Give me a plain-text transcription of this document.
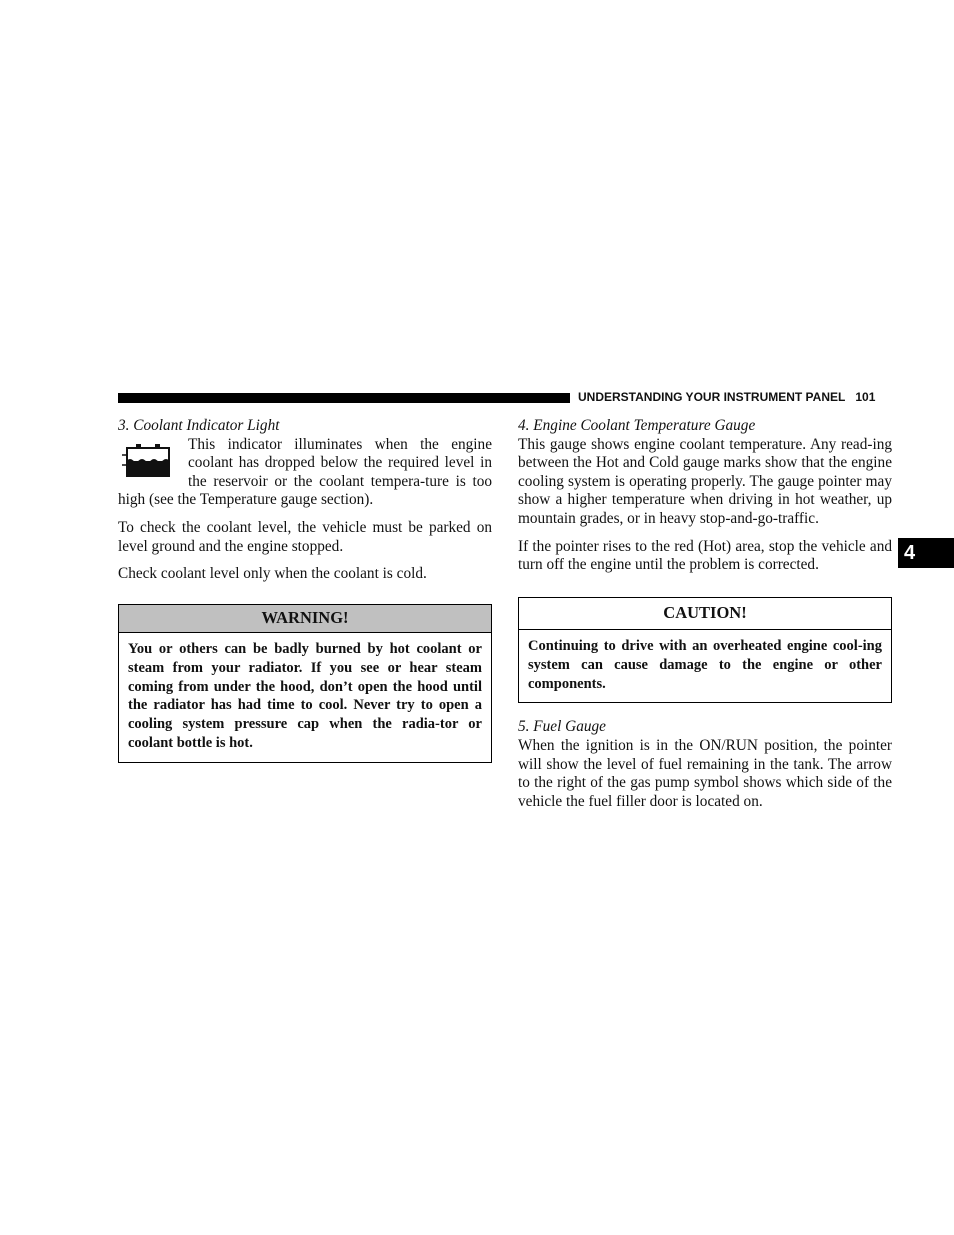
UNDERSTANDING YOUR INSTRUMENT PANEL 101
4

3. Coolant Indicator Light

This indicator illuminates when the engine coolant has dropped below the required level in the reservoir or the coolant tempera-ture is too high (see the Temperature gauge section).

To check the coolant level, the vehicle must be parked on level ground and the engine stopped.

Check coolant level only when the coolant is cold.

WARNING!
You or others can be badly burned by hot coolant or steam from your radiator. If you see or hear steam coming from under the hood, don’t open the hood until the radiator has had time to cool. Never try to open a cooling system pressure cap when the radia-tor or coolant bottle is hot.

4. Engine Coolant Temperature Gauge

This gauge shows engine coolant temperature. Any read-ing between the Hot and Cold gauge marks show that the engine cooling system is operating properly. The gauge pointer may show a higher temperature when driving in hot weather, up mountain grades, or in heavy stop-and-go-traffic.

If the pointer rises to the red (Hot) area, stop the vehicle and turn off the engine until the problem is corrected.

CAUTION!
Continuing to drive with an overheated engine cool-ing system can cause damage to the engine or other components.

5. Fuel Gauge

When the ignition is in the ON/RUN position, the pointer will show the level of fuel remaining in the tank. The arrow to the right of the gas pump symbol shows which side of the vehicle the fuel filler door is located on.
